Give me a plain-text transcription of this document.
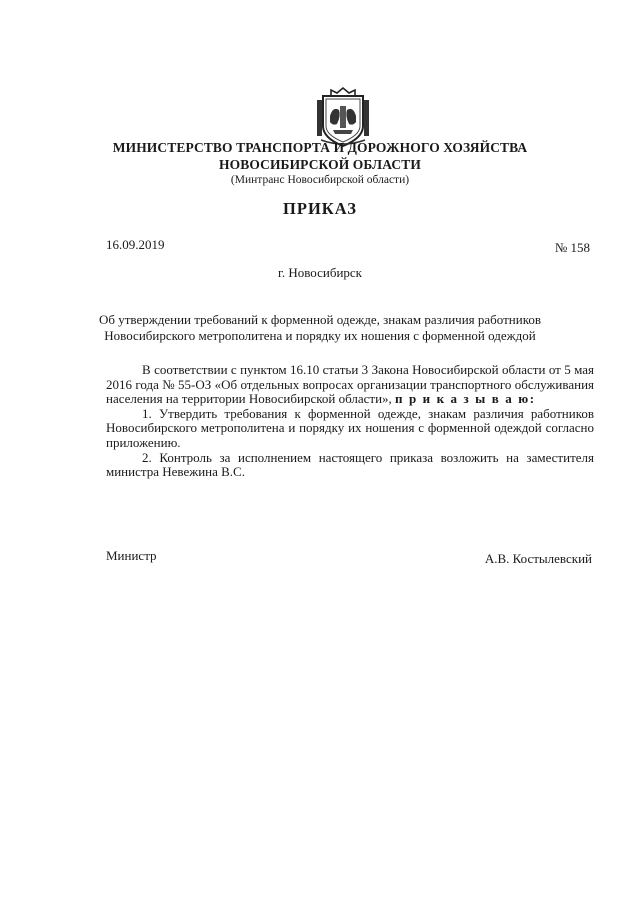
МИНИСТЕРСТВО ТРАНСПОРТА И ДОРОЖНОГО ХОЗЯЙСТВА
НОВОСИБИРСКОЙ ОБЛАСТИ
(Минтранс Новосибирской области)
ПРИКАЗ
16.09.2019	№ 158
г. Новосибирск
Об утверждении требований к форменной одежде, знакам различия работников
Новосибирского метрополитена и порядку их ношения с форменной одеждой

В соответствии с пунктом 16.10 статьи 3 Закона Новосибирской области от 5 мая 2016 года № 55-ОЗ «Об отдельных вопросах организации транспортного обслуживания населения на территории Новосибирской области», п р и к а з ы в а ю:

1. Утвердить требования к форменной одежде, знакам различия работников Новосибирского метрополитена и порядку их ношения с форменной одеждой согласно приложению.

2. Контроль за исполнением настоящего приказа возложить на заместителя министра Невежина В.С.

Министр	А.В. Костылевский
